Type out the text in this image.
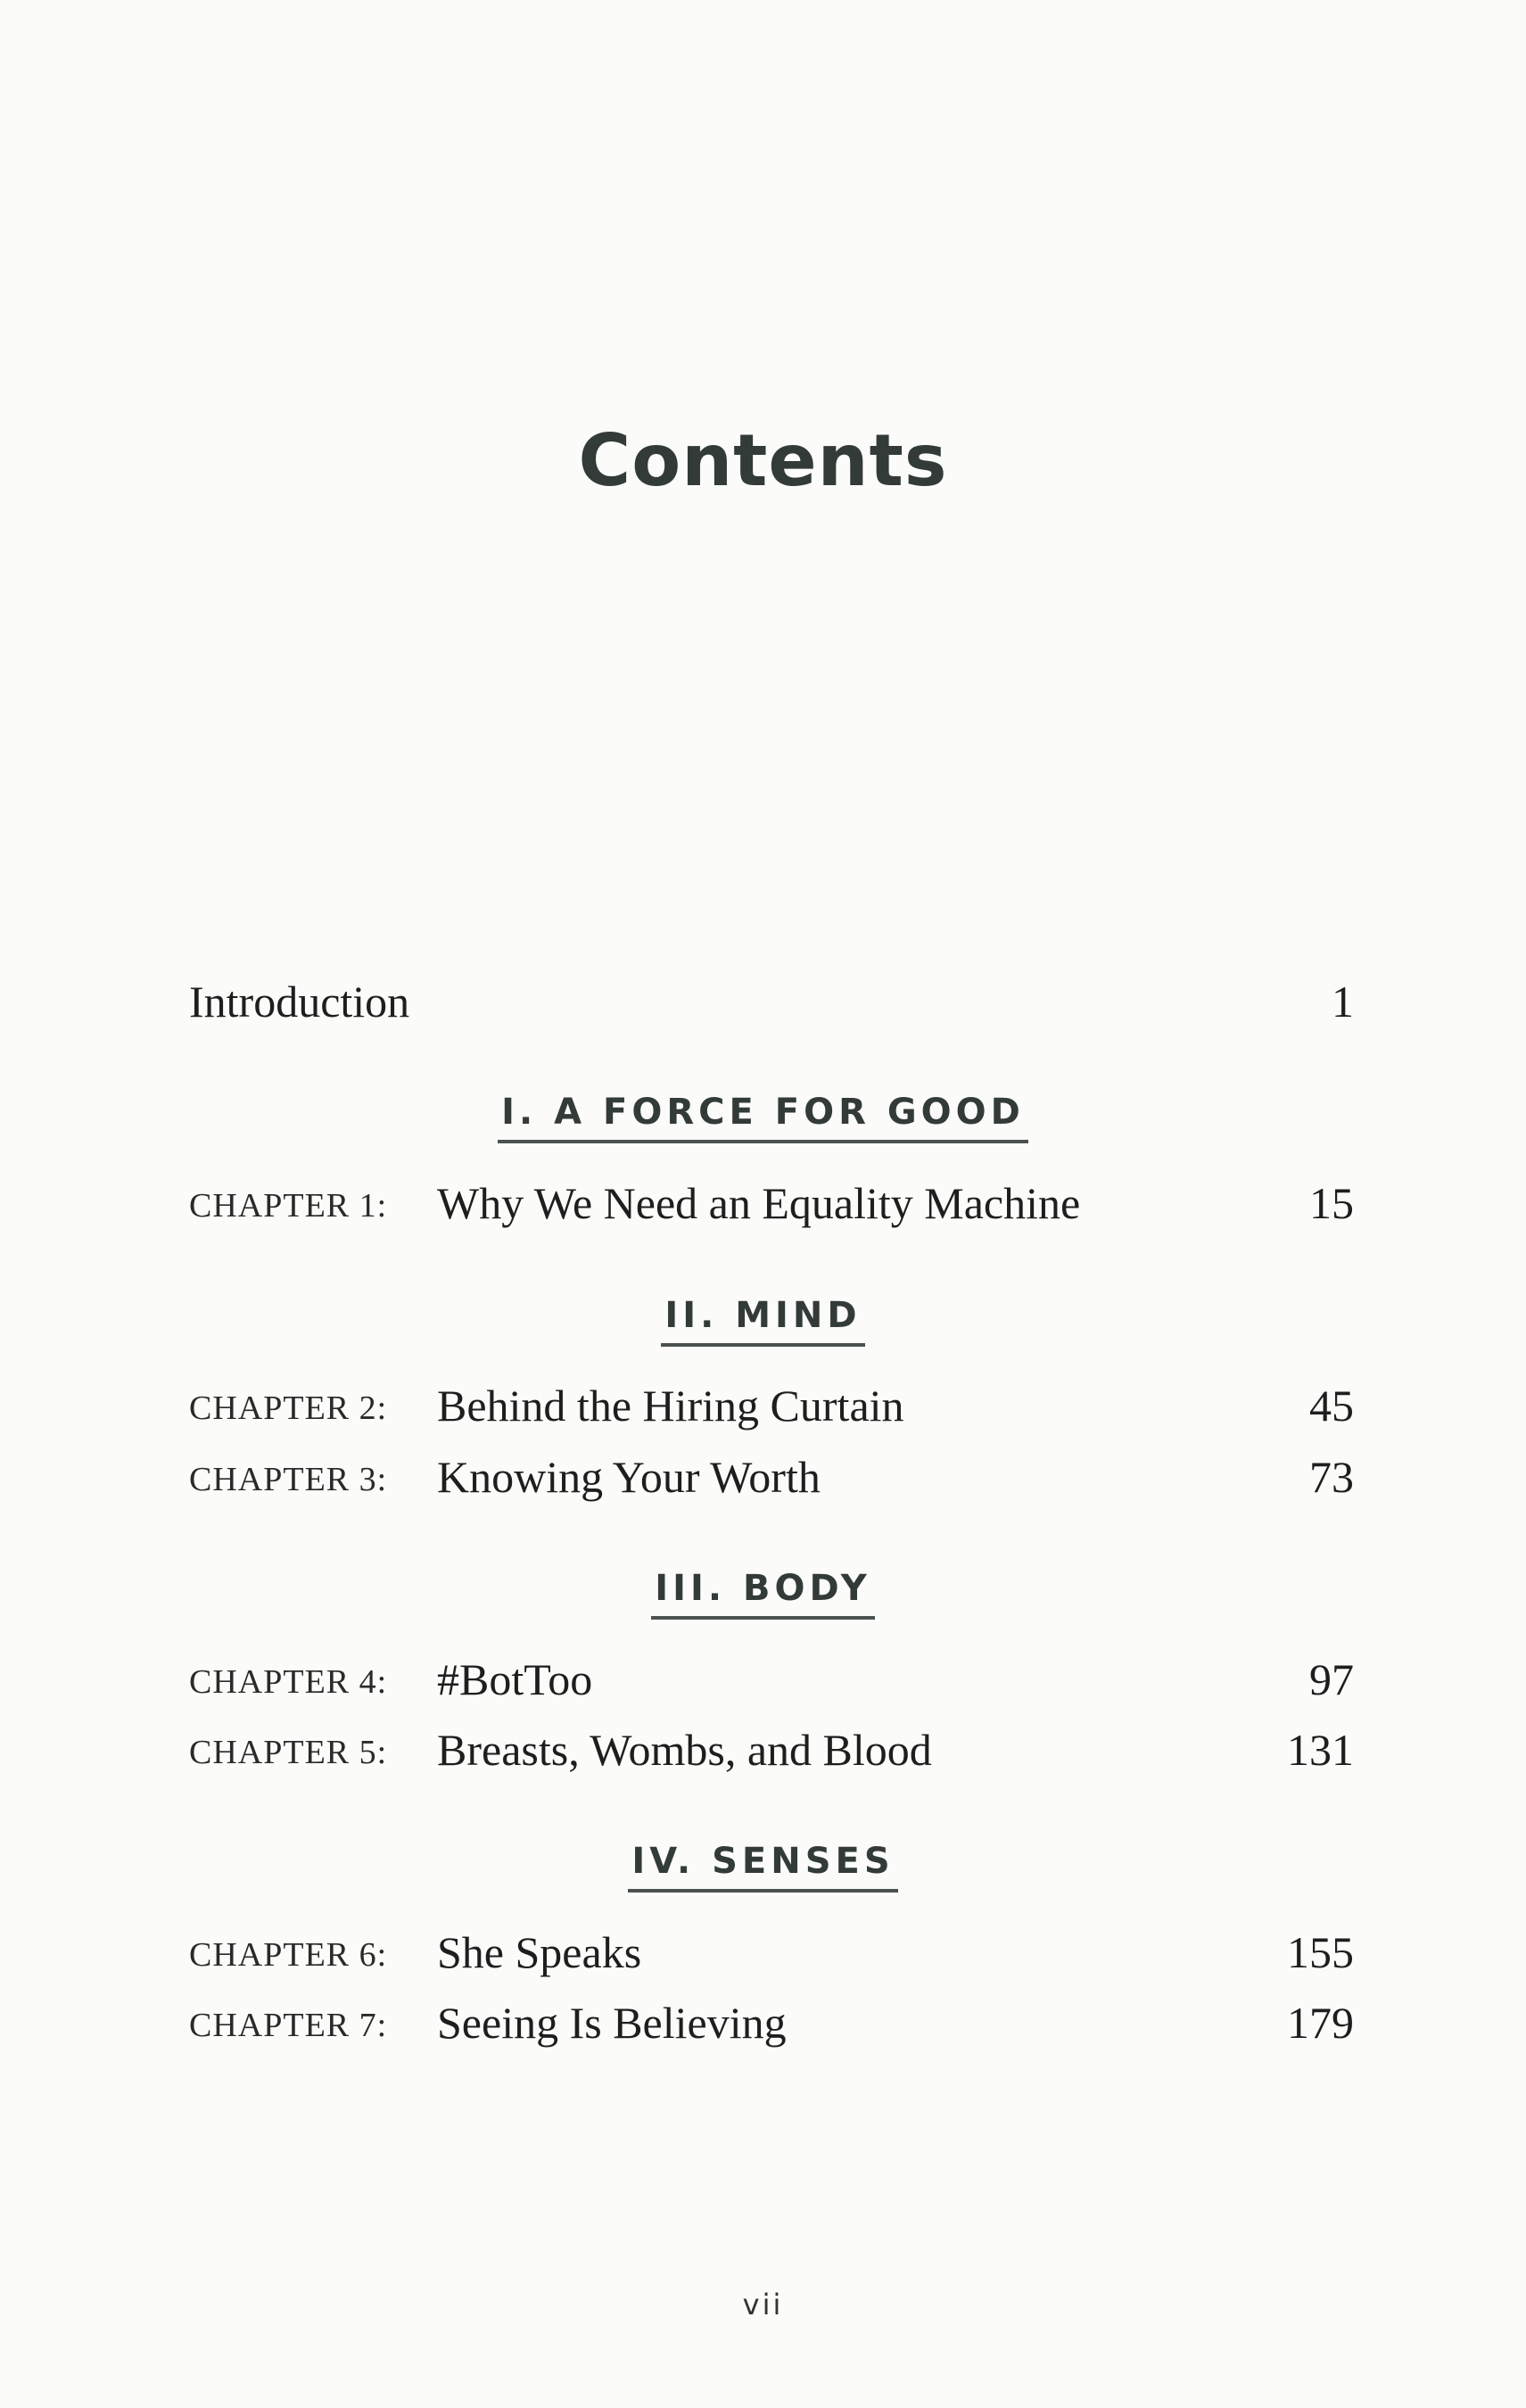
Contents
Introduction	1
I. A FORCE FOR GOOD
CHAPTER 1: Why We Need an Equality Machine	15
II. MIND
CHAPTER 2: Behind the Hiring Curtain	45
CHAPTER 3: Knowing Your Worth	73
III. BODY
CHAPTER 4: #BotToo	97
CHAPTER 5: Breasts, Wombs, and Blood	131
IV. SENSES
CHAPTER 6: She Speaks	155
CHAPTER 7: Seeing Is Believing	179
vii
